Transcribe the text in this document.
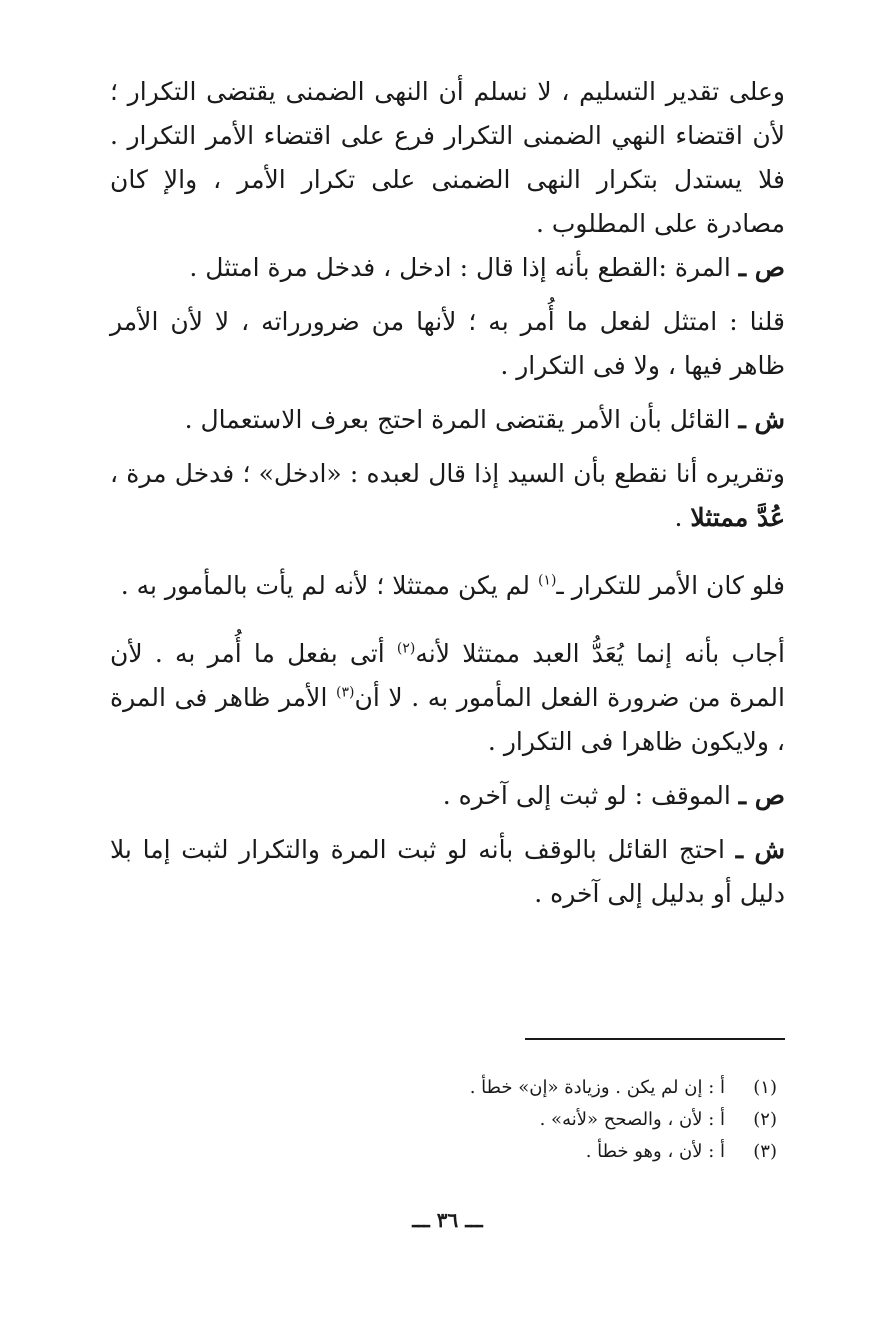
وعلى تقدير التسليم ، لا نسلم أن النهى الضمنى يقتضى التكرار ؛ لأن اقتضاء النهي الضمنى التكرار فرع على اقتضاء الأمر التكرار . فلا يستدل بتكرار النهى الضمنى على تكرار الأمر ، والإ كان مصادرة على المطلوب .

ص ـ المرة :القطع بأنه إذا قال : ادخل ، فدخل مرة امتثل .

قلنا : امتثل لفعل ما أُمر به ؛ لأنها من ضرورراته ، لا لأن الأمر ظاهر فيها ، ولا فى التكرار .

ش ـ القائل بأن الأمر يقتضى المرة احتج بعرف الاستعمال .

وتقريره أنا نقطع بأن السيد إذا قال لعبده : «ادخل» ؛ فدخل مرة ، عُدَّ ممتثلا .

فلو كان الأمر للتكرار ـ$^{(١)}$ لم يكن ممتثلا ؛ لأنه لم يأت بالمأمور به .

أجاب بأنه إنما يُعَدُّ العبد ممتثلا لأنه$^{(٢)}$ أتى بفعل ما أُمر به . لأن المرة من ضرورة الفعل المأمور به . لا أن$^{(٣)}$ الأمر ظاهر فى المرة ، ولايكون ظاهرا فى التكرار .

ص ـ الموقف : لو ثبت إلى آخره .

ش ـ احتج القائل بالوقف بأنه لو ثبت المرة والتكرار لثبت إما بلا دليل أو بدليل إلى آخره .

(١)
أ : إن لم يكن . وزيادة «إن» خطأ .
(٢)
أ : لأن ، والصحح «لأنه» .
(٣)
أ : لأن ، وهو خطأ .
ـــ ٣٦ ـــ
